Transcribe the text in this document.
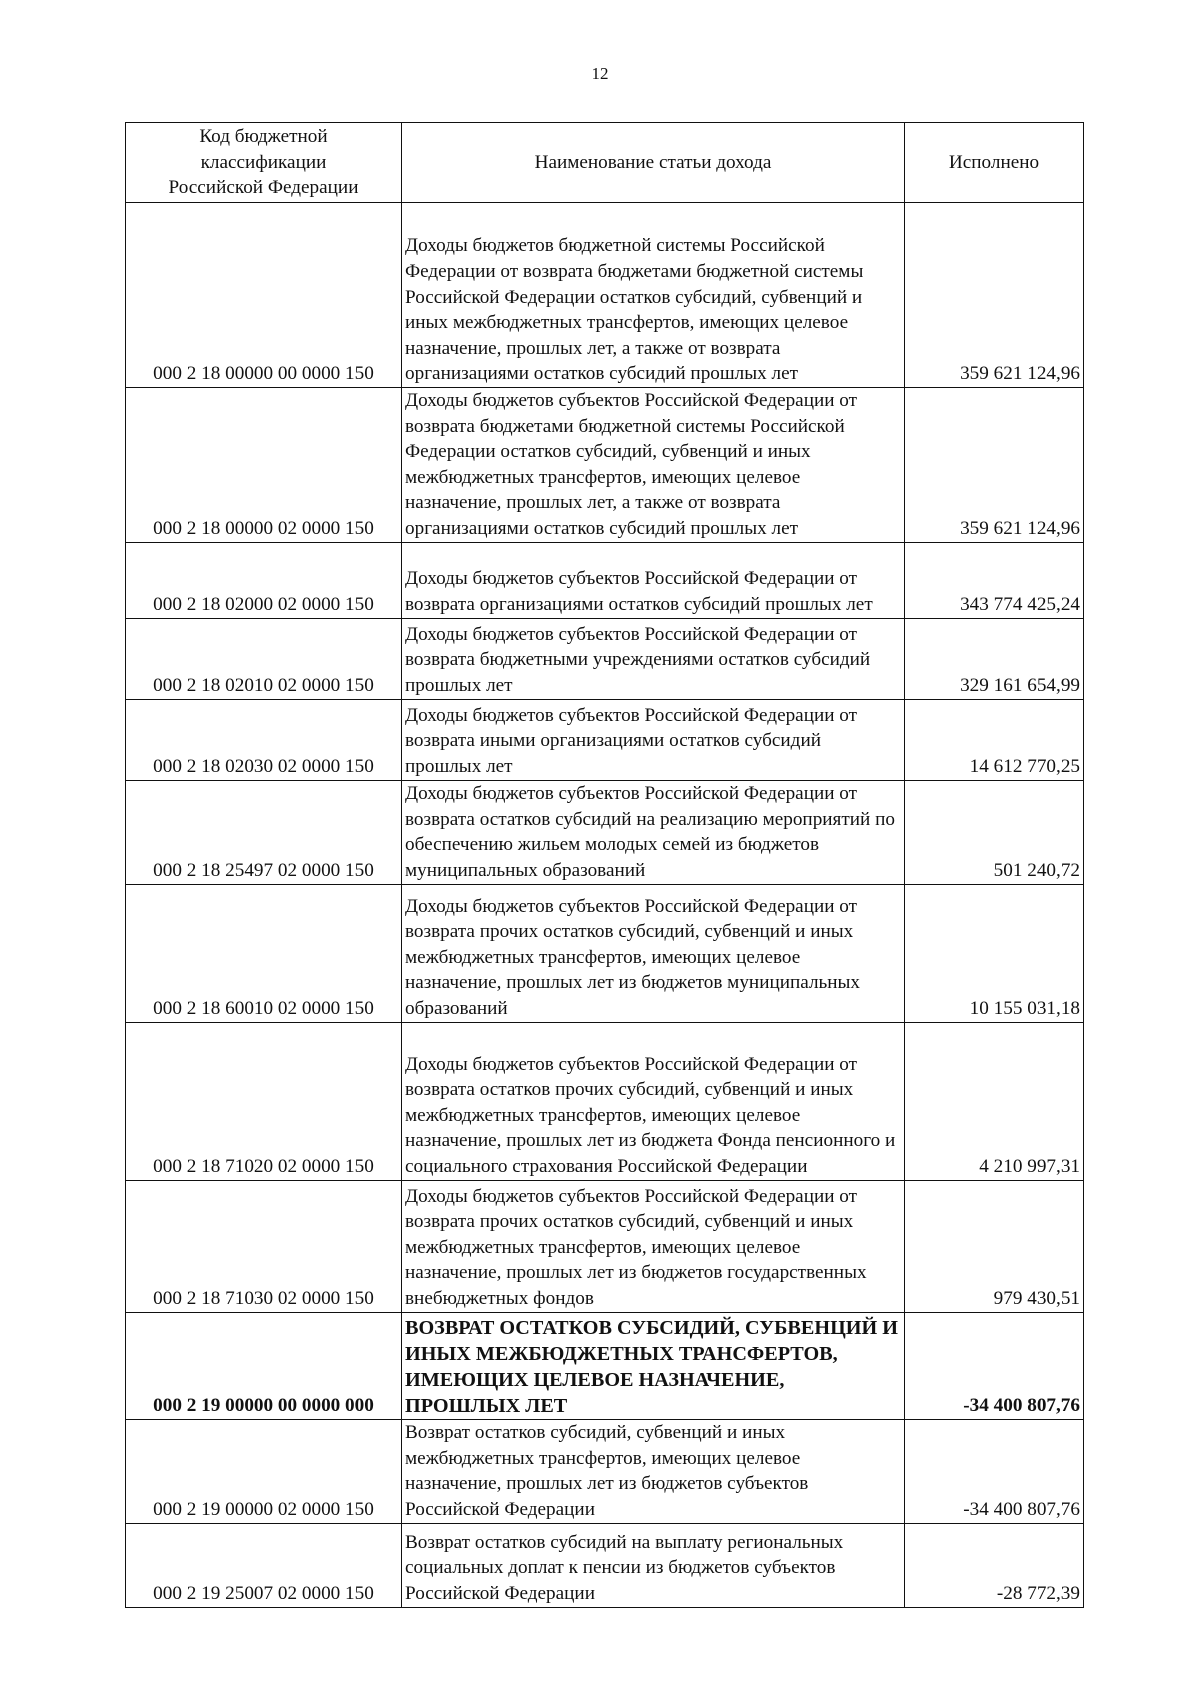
12
Код бюджетной классификации Российской Федерации	Наименование статьи дохода	Исполнено
000 2 18 00000 00 0000 150	Доходы бюджетов бюджетной системы Российской Федерации от возврата бюджетами бюджетной системы Российской Федерации остатков субсидий, субвенций и иных межбюджетных трансфертов, имеющих целевое назначение, прошлых лет, а также от возврата организациями остатков субсидий прошлых лет	359 621 124,96
000 2 18 00000 02 0000 150	Доходы бюджетов субъектов Российской Федерации от возврата бюджетами бюджетной системы Российской Федерации остатков субсидий, субвенций и иных межбюджетных трансфертов, имеющих целевое назначение, прошлых лет, а также от возврата организациями остатков субсидий прошлых лет	359 621 124,96
000 2 18 02000 02 0000 150	Доходы бюджетов субъектов Российской Федерации от возврата организациями остатков субсидий прошлых лет	343 774 425,24
000 2 18 02010 02 0000 150	Доходы бюджетов субъектов Российской Федерации от возврата бюджетными учреждениями остатков субсидий прошлых лет	329 161 654,99
000 2 18 02030 02 0000 150	Доходы бюджетов субъектов Российской Федерации от возврата иными организациями остатков субсидий прошлых лет	14 612 770,25
000 2 18 25497 02 0000 150	Доходы бюджетов субъектов Российской Федерации от возврата остатков субсидий на реализацию мероприятий по обеспечению жильем молодых семей из бюджетов муниципальных образований	501 240,72
000 2 18 60010 02 0000 150	Доходы бюджетов субъектов Российской Федерации от возврата прочих остатков субсидий, субвенций и иных межбюджетных трансфертов, имеющих целевое назначение, прошлых лет из бюджетов муниципальных образований	10 155 031,18
000 2 18 71020 02 0000 150	Доходы бюджетов субъектов Российской Федерации от возврата остатков прочих субсидий, субвенций и иных межбюджетных трансфертов, имеющих целевое назначение, прошлых лет из бюджета Фонда пенсионного и социального страхования Российской Федерации	4 210 997,31
000 2 18 71030 02 0000 150	Доходы бюджетов субъектов Российской Федерации от возврата прочих остатков субсидий, субвенций и иных межбюджетных трансфертов, имеющих целевое назначение, прошлых лет из бюджетов государственных внебюджетных фондов	979 430,51
000 2 19 00000 00 0000 000	ВОЗВРАТ ОСТАТКОВ СУБСИДИЙ, СУБВЕНЦИЙ И ИНЫХ МЕЖБЮДЖЕТНЫХ ТРАНСФЕРТОВ, ИМЕЮЩИХ ЦЕЛЕВОЕ НАЗНАЧЕНИЕ, ПРОШЛЫХ ЛЕТ	-34 400 807,76
000 2 19 00000 02 0000 150	Возврат остатков субсидий, субвенций и иных межбюджетных трансфертов, имеющих целевое назначение, прошлых лет из бюджетов субъектов Российской Федерации	-34 400 807,76
000 2 19 25007 02 0000 150	Возврат остатков субсидий на выплату региональных социальных доплат к пенсии из бюджетов субъектов Российской Федерации	-28 772,39
